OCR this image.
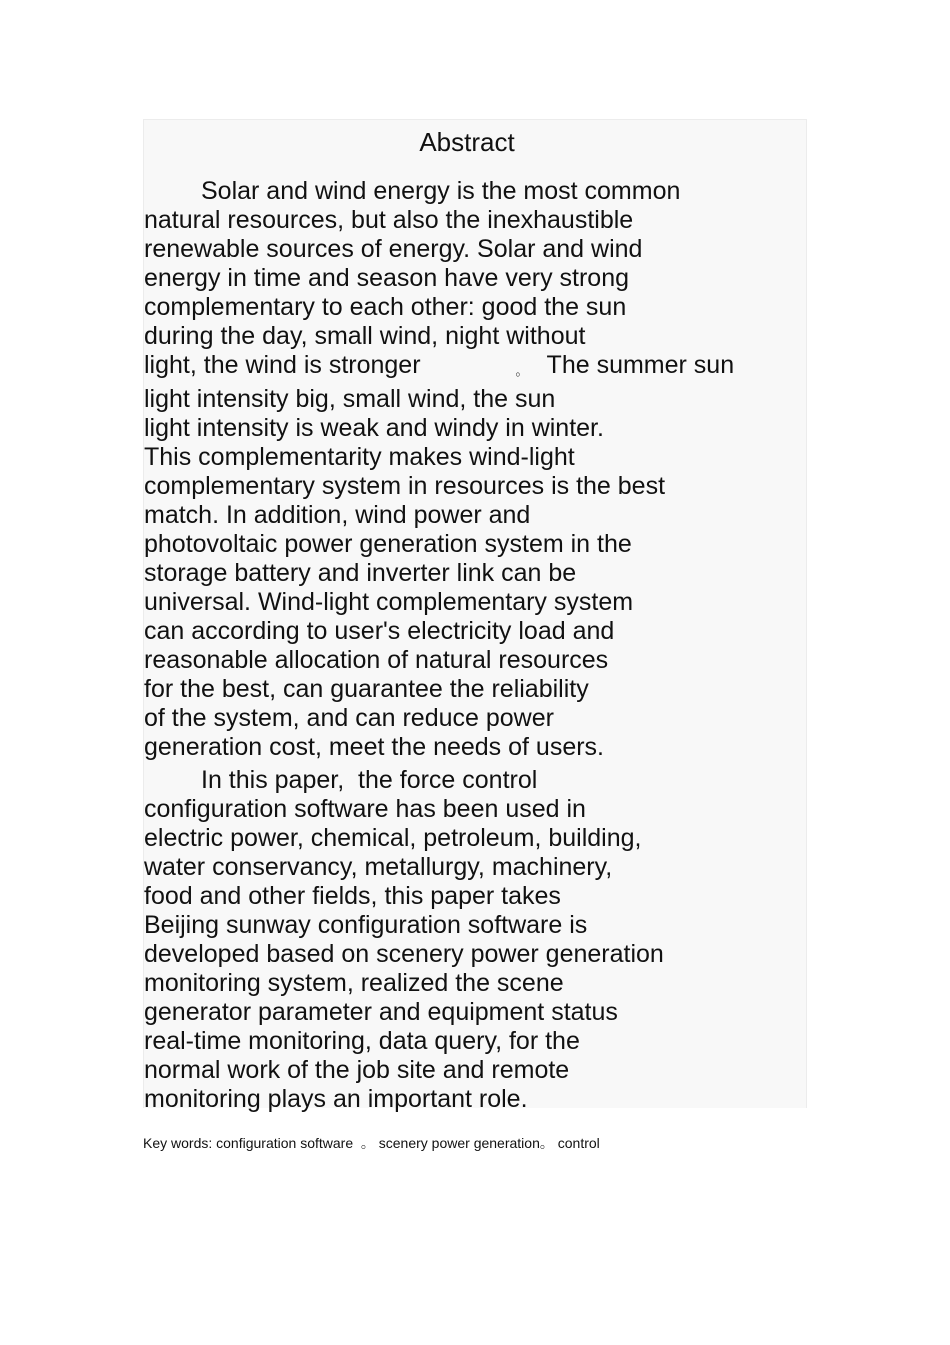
Abstract
Solar and wind energy is the most common
natural resources, but also the inexhaustible
renewable sources of energy. Solar and wind
energy in time and season have very strong
complementary to each other: good the sun
during the day, small wind, night without
light, the wind is stronger	。 The summer sun
light intensity big, small wind, the sun
light intensity is weak and windy in winter.
This complementarity makes wind-light
complementary system in resources is the best
match. In addition, wind power and
photovoltaic power generation system in the
storage battery and inverter link can be
universal. Wind-light complementary system
can according to user's electricity load and
reasonable allocation of natural resources
for the best, can guarantee the reliability
of the system, and can reduce power
generation cost, meet the needs of users.
In this paper,  the force control
configuration software has been used in
electric power, chemical, petroleum, building,
water conservancy, metallurgy, machinery,
food and other fields, this paper takes
Beijing sunway configuration software is
developed based on scenery power generation
monitoring system, realized the scene
generator parameter and equipment status
real-time monitoring, data query, for the
normal work of the job site and remote
monitoring plays an important role.

Key words: configuration software  。 scenery power generation。 control
